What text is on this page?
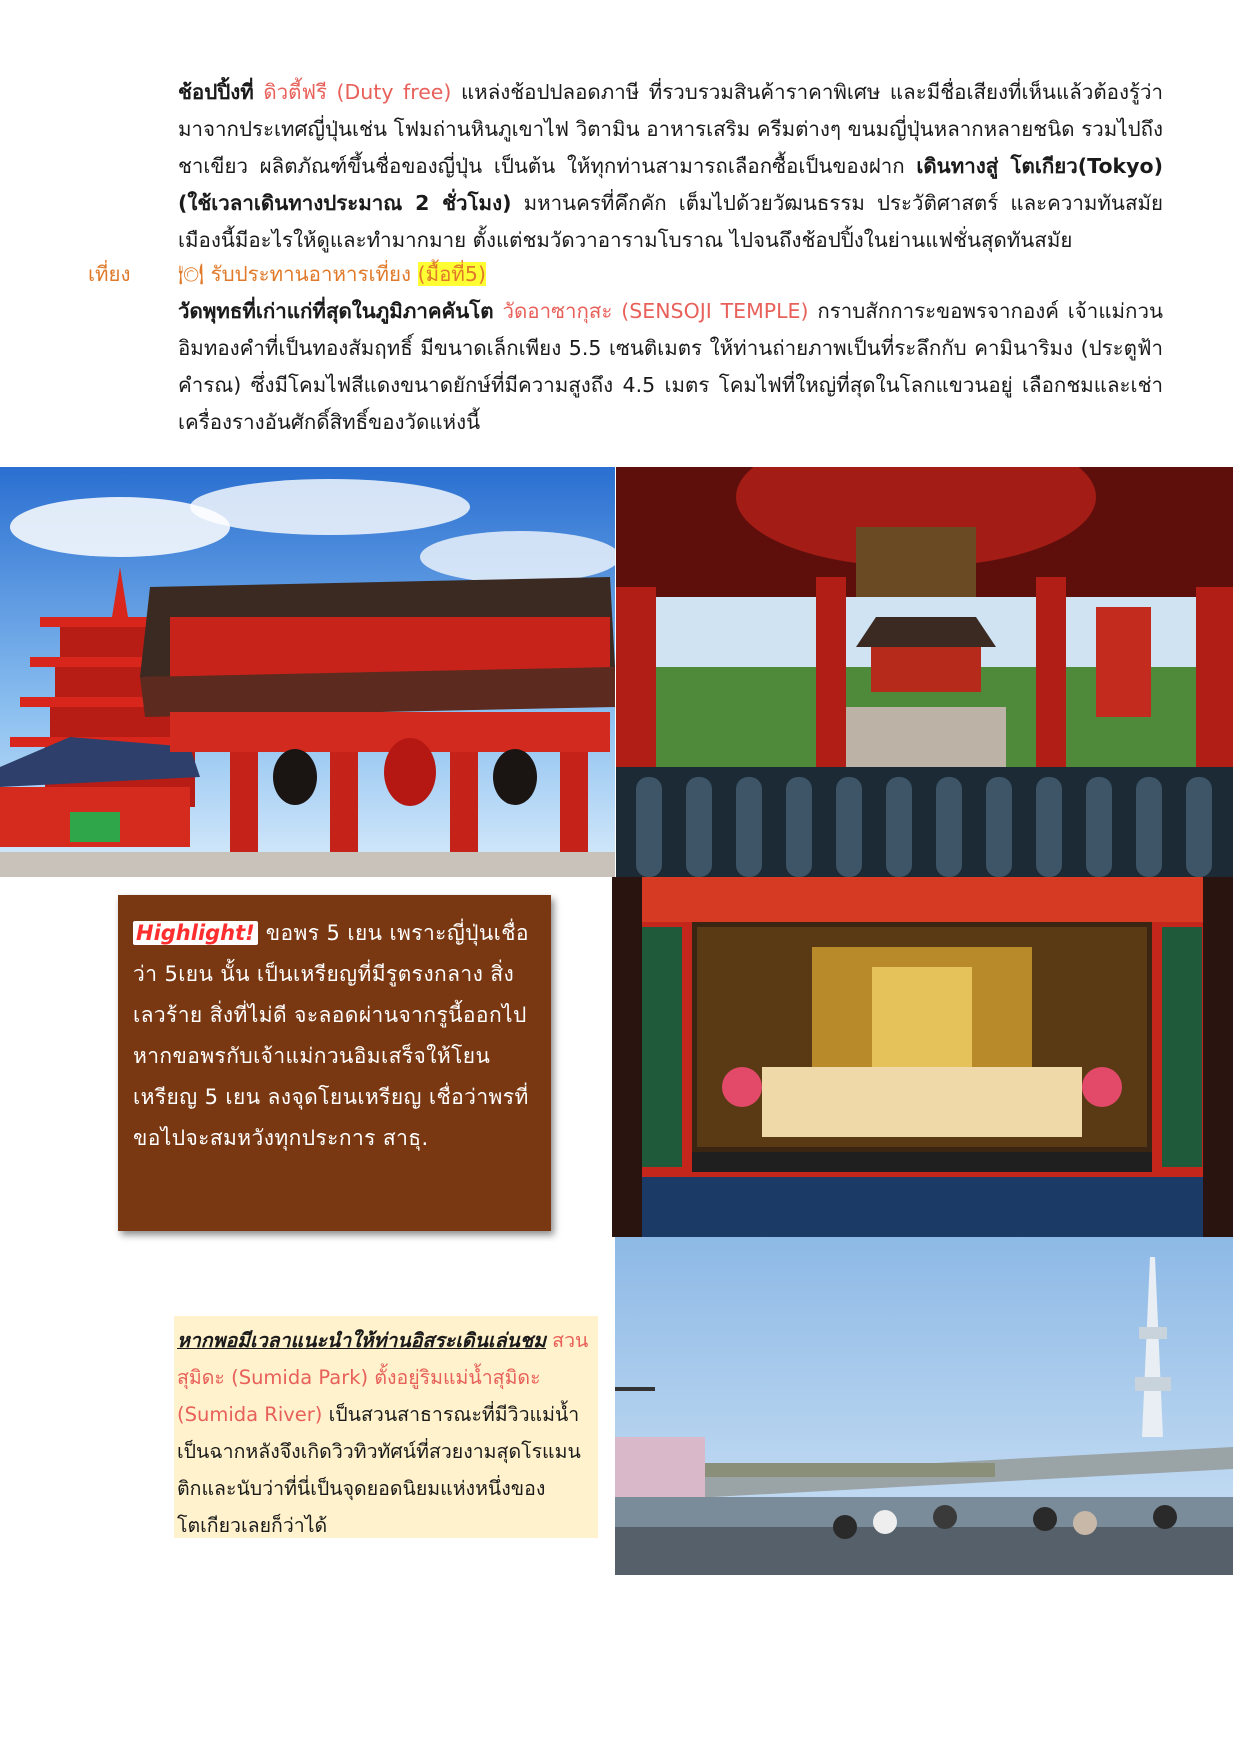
ช้อปปิ้งที่ ดิวตี้ฟรี (Duty free) แหล่งช้อปปลอดภาษี ที่รวบรวมสินค้าราคาพิเศษ และมีชื่อเสียงที่เห็นแล้วต้องรู้ว่ามาจากประเทศญี่ปุ่นเช่น โฟมถ่านหินภูเขาไฟ วิตามิน อาหารเสริม ครีมต่างๆ ขนมญี่ปุ่นหลากหลายชนิด รวมไปถึงชาเขียว ผลิตภัณฑ์ขึ้นชื่อของญี่ปุ่น เป็นต้น ให้ทุกท่านสามารถเลือกซื้อเป็นของฝาก เดินทางสู่ โตเกียว(Tokyo) (ใช้เวลาเดินทางประมาณ 2 ชั่วโมง) มหานครที่คึกคัก เต็มไปด้วยวัฒนธรรม ประวัติศาสตร์ และความทันสมัย เมืองนี้มีอะไรให้ดูและทำมากมาย ตั้งแต่ชมวัดวาอารามโบราณ ไปจนถึงช้อปปิ้งในย่านแฟชั่นสุดทันสมัย
เที่ยง 🍽 รับประทานอาหารเที่ยง (มื้อที่5)
วัดพุทธที่เก่าแก่ที่สุดในภูมิภาคคันโต วัดอาซากุสะ (SENSOJI TEMPLE) กราบสักการะขอพรจากองค์ เจ้าแม่กวนอิมทองคำที่เป็นทองสัมฤทธิ์ มีขนาดเล็กเพียง 5.5 เซนติเมตร ให้ท่านถ่ายภาพเป็นที่ระลึกกับ คามินาริมง (ประตูฟ้าคำรณ) ซึ่งมีโคมไฟสีแดงขนาดยักษ์ที่มีความสูงถึง 4.5 เมตร โคมไฟที่ใหญ่ที่สุดในโลกแขวนอยู่ เลือกชมและเช่าเครื่องรางอันศักดิ์สิทธิ์ของวัดแห่งนี้
Highlight! ขอพร 5 เยน เพราะญี่ปุ่นเชื่อว่า 5เยน นั้น เป็นเหรียญที่มีรูตรงกลาง สิ่งเลวร้าย สิ่งที่ไม่ดี จะลอดผ่านจากรูนี้ออกไป หากขอพรกับเจ้าแม่กวนอิมเสร็จให้โยนเหรียญ 5 เยน ลงจุดโยนเหรียญ เชื่อว่าพรที่ขอไปจะสมหวังทุกประการ สาธุ.
หากพอมีเวลาแนะนำให้ท่านอิสระเดินเล่นชม สวนสุมิดะ (Sumida Park) ตั้งอยู่ริมแม่น้ำสุมิดะ (Sumida River) เป็นสวนสาธารณะที่มีวิวแม่น้ำเป็นฉากหลังจึงเกิดวิวทิวทัศน์ที่สวยงามสุดโรแมนติกและนับว่าที่นี่เป็นจุดยอดนิยมแห่งหนึ่งของโตเกียวเลยก็ว่าได้
